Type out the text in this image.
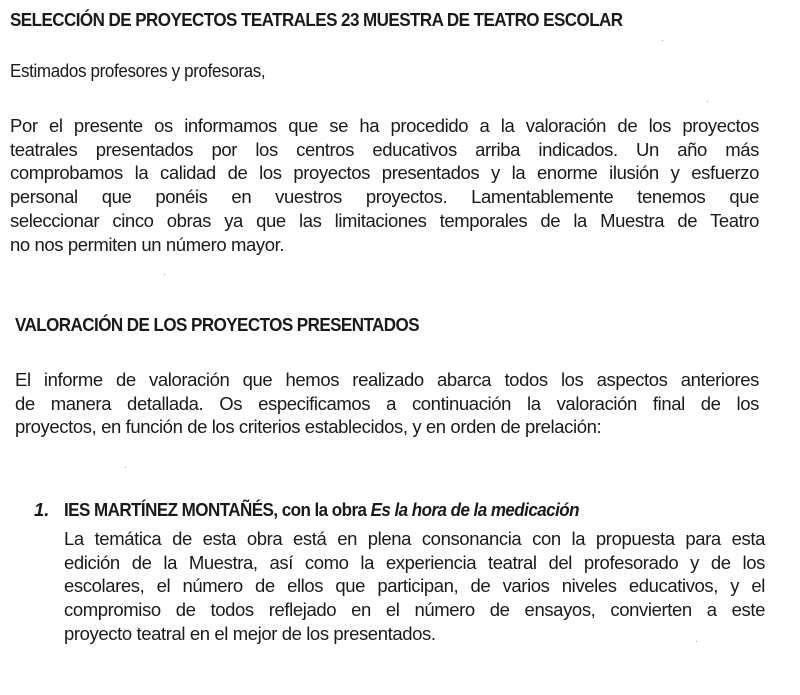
SELECCIÓN DE PROYECTOS TEATRALES 23 MUESTRA DE TEATRO ESCOLAR
Estimados profesores y profesoras,
Por el presente os informamos que se ha procedido a la valoración de los proyectos
teatrales presentados por los centros educativos arriba indicados. Un año más
comprobamos la calidad de los proyectos presentados y la enorme ilusión y esfuerzo
personal que ponéis en vuestros proyectos. Lamentablemente tenemos que
seleccionar cinco obras ya que las limitaciones temporales de la Muestra de Teatro
no nos permiten un número mayor.
VALORACIÓN DE LOS PROYECTOS PRESENTADOS
El informe de valoración que hemos realizado abarca todos los aspectos anteriores
de manera detallada. Os especificamos a continuación la valoración final de los
proyectos, en función de los criterios establecidos, y en orden de prelación:
1. IES MARTÍNEZ MONTAÑÉS, con la obra Es la hora de la medicación
La temática de esta obra está en plena consonancia con la propuesta para esta
edición de la Muestra, así como la experiencia teatral del profesorado y de los
escolares, el número de ellos que participan, de varios niveles educativos, y el
compromiso de todos reflejado en el número de ensayos, convierten a este
proyecto teatral en el mejor de los presentados.
